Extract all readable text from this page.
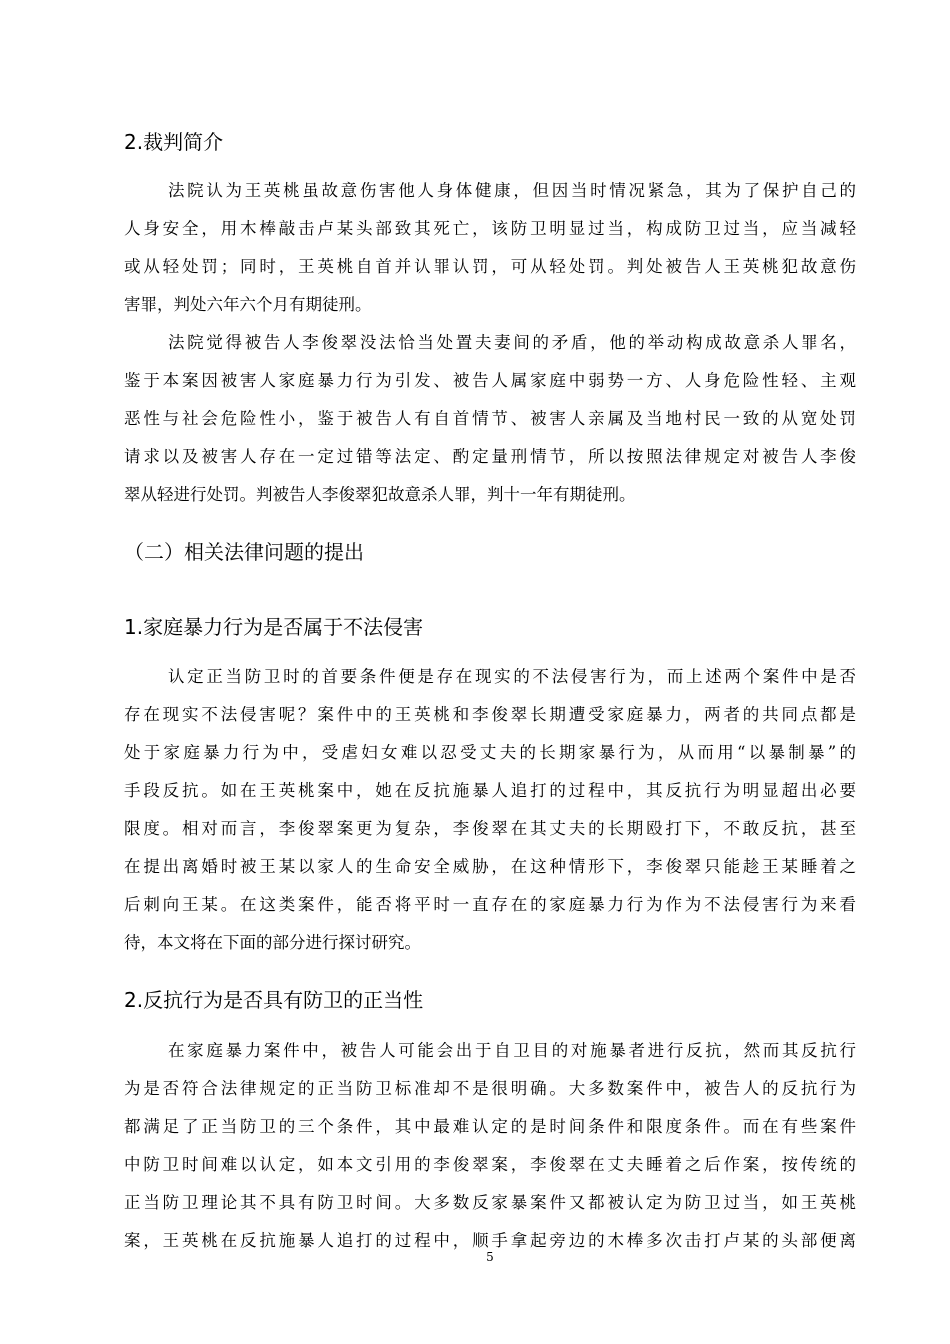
2.裁判简介
法院认为王英桃虽故意伤害他人身体健康，但因当时情况紧急，其为了保护自己的
人身安全，用木棒敲击卢某头部致其死亡，该防卫明显过当，构成防卫过当，应当减轻
或从轻处罚；同时，王英桃自首并认罪认罚，可从轻处罚。判处被告人王英桃犯故意伤
害罪，判处六年六个月有期徒刑。
法院觉得被告人李俊翠没法恰当处置夫妻间的矛盾，他的举动构成故意杀人罪名，
鉴于本案因被害人家庭暴力行为引发、被告人属家庭中弱势一方、人身危险性轻、主观
恶性与社会危险性小，鉴于被告人有自首情节、被害人亲属及当地村民一致的从宽处罚
请求以及被害人存在一定过错等法定、酌定量刑情节，所以按照法律规定对被告人李俊
翠从轻进行处罚。判被告人李俊翠犯故意杀人罪，判十一年有期徒刑。
（二）相关法律问题的提出
1.家庭暴力行为是否属于不法侵害
认定正当防卫时的首要条件便是存在现实的不法侵害行为，而上述两个案件中是否
存在现实不法侵害呢？案件中的王英桃和李俊翠长期遭受家庭暴力，两者的共同点都是
处于家庭暴力行为中，受虐妇女难以忍受丈夫的长期家暴行为，从而用“以暴制暴”的
手段反抗。如在王英桃案中，她在反抗施暴人追打的过程中，其反抗行为明显超出必要
限度。相对而言，李俊翠案更为复杂，李俊翠在其丈夫的长期殴打下，不敢反抗，甚至
在提出离婚时被王某以家人的生命安全威胁，在这种情形下，李俊翠只能趁王某睡着之
后刺向王某。在这类案件，能否将平时一直存在的家庭暴力行为作为不法侵害行为来看
待，本文将在下面的部分进行探讨研究。
2.反抗行为是否具有防卫的正当性
在家庭暴力案件中，被告人可能会出于自卫目的对施暴者进行反抗，然而其反抗行
为是否符合法律规定的正当防卫标准却不是很明确。大多数案件中，被告人的反抗行为
都满足了正当防卫的三个条件，其中最难认定的是时间条件和限度条件。而在有些案件
中防卫时间难以认定，如本文引用的李俊翠案，李俊翠在丈夫睡着之后作案，按传统的
正当防卫理论其不具有防卫时间。大多数反家暴案件又都被认定为防卫过当，如王英桃
案，王英桃在反抗施暴人追打的过程中，顺手拿起旁边的木棒多次击打卢某的头部便离
5
